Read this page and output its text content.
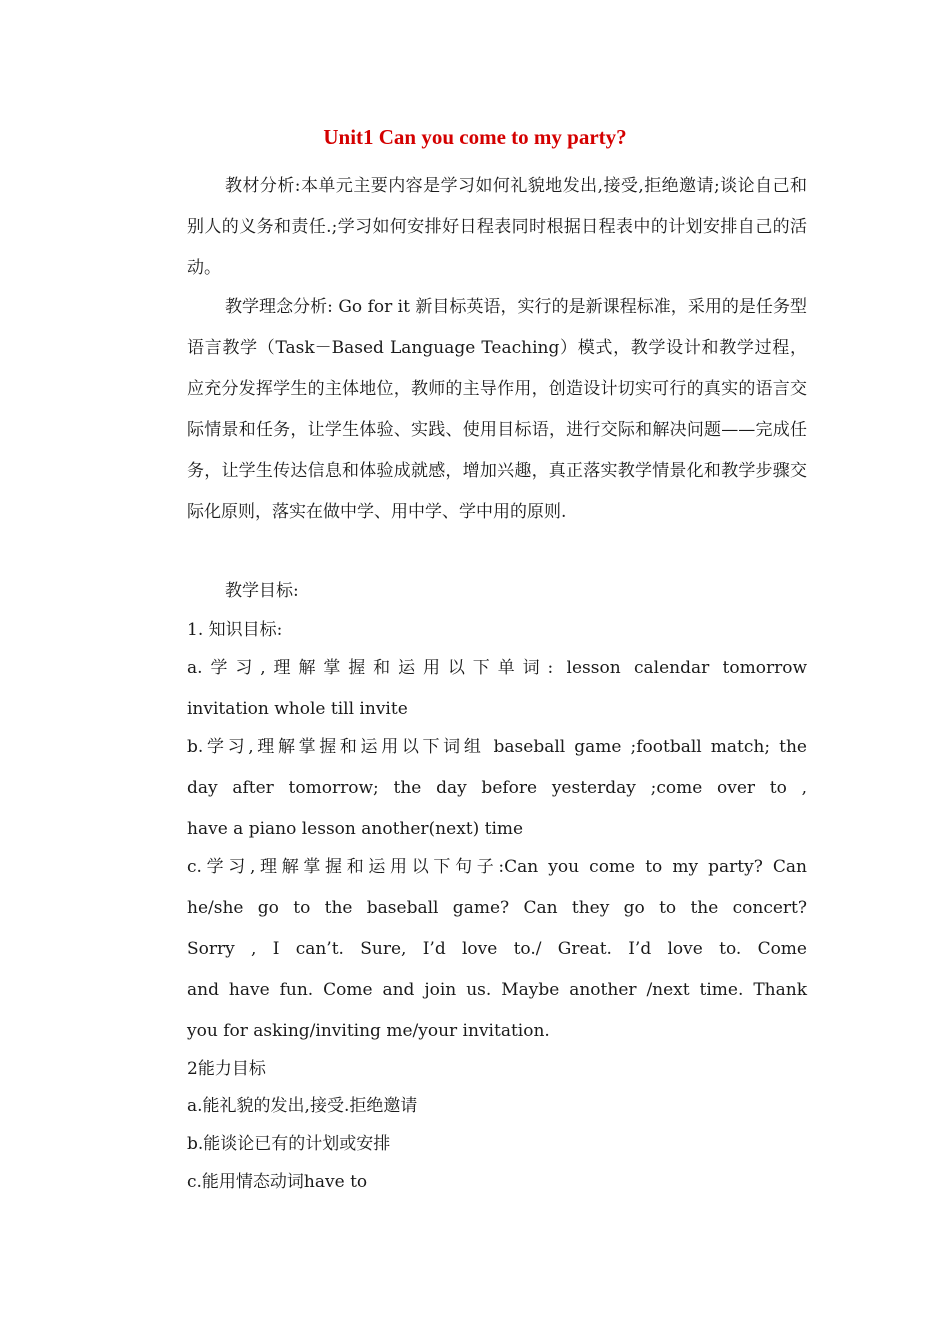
Unit1 Can you come to my party?
教材分析:本单元主要内容是学习如何礼貌地发出,接受,拒绝邀请;谈论自己和别人的义务和责任.;学习如何安排好日程表同时根据日程表中的计划安排自己的活动。
教学理念分析: Go for it 新目标英语，实行的是新课程标准，采用的是任务型语言教学（Task－Based Language Teaching）模式，教学设计和教学过程，应充分发挥学生的主体地位，教师的主导作用，创造设计切实可行的真实的语言交际情景和任务，让学生体验、实践、使用目标语，进行交际和解决问题——完成任务，让学生传达信息和体验成就感，增加兴趣，真正落实教学情景化和教学步骤交际化原则，落实在做中学、用中学、学中用的原则.
教学目标:
1. 知识目标:
a.学习,理解掌握和运用以下单词: lesson calendar tomorrow
invitation whole till invite
b.学习,理解掌握和运用以下词组 baseball game ;football match; the
day after tomorrow; the day before yesterday ;come over to ,
have a piano lesson another(next) time
c.学习,理解掌握和运用以下句子:Can you come to my party? Can
he/she go to the baseball game? Can they go to the concert?
Sorry , I can’t. Sure, I’d love to./ Great. I’d love to. Come
and have fun. Come and join us. Maybe another /next time. Thank
you for asking/inviting me/your invitation.
2能力目标
a.能礼貌的发出,接受.拒绝邀请
b.能谈论已有的计划或安排
c.能用情态动词have to
